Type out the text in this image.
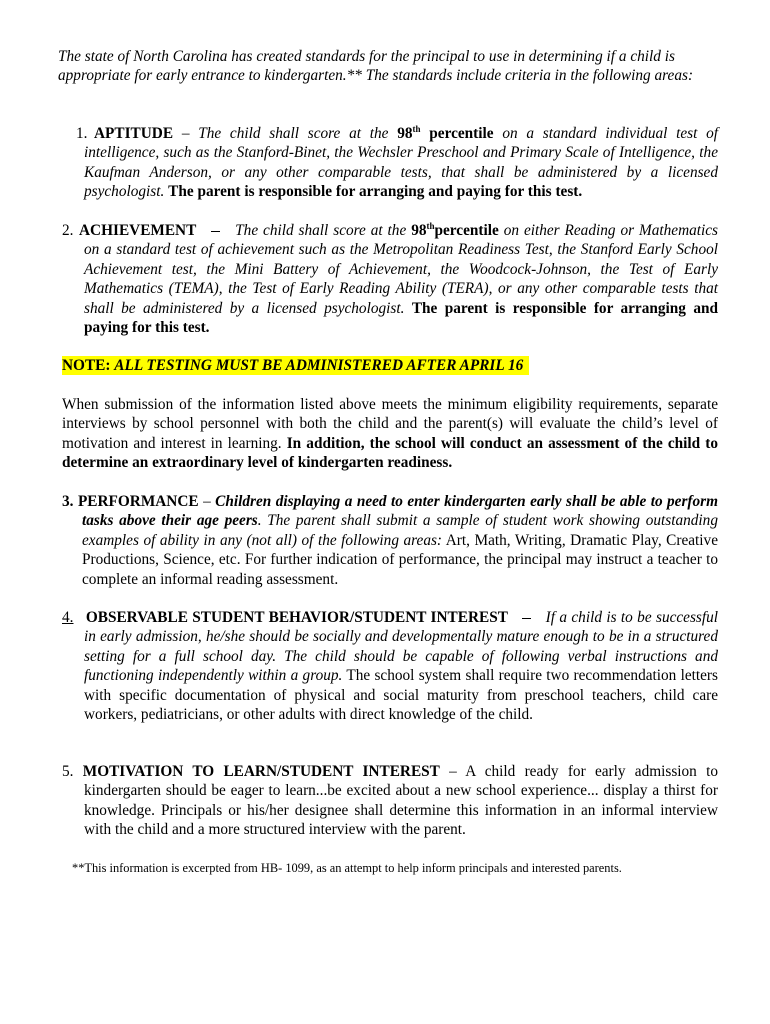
The state of North Carolina has created standards for the principal to use in determining if a child is appropriate for early entrance to kindergarten.** The standards include criteria in the following areas:
1. APTITUDE – The child shall score at the 98th percentile on a standard individual test of intelligence, such as the Stanford-Binet, the Wechsler Preschool and Primary Scale of Intelligence, the Kaufman Anderson, or any other comparable tests, that shall be administered by a licensed psychologist. The parent is responsible for arranging and paying for this test.
2. ACHIEVEMENT	The child shall score at the 98thpercentile on either Reading or Mathematics on a standard test of achievement such as the Metropolitan Readiness Test, the Stanford Early School Achievement test, the Mini Battery of Achievement, the Woodcock-Johnson, the Test of Early Mathematics (TEMA), the Test of Early Reading Ability (TERA), or any other comparable tests that shall be administered by a licensed psychologist. The parent is responsible for arranging and paying for this test.
NOTE: ALL TESTING MUST BE ADMINISTERED AFTER APRIL 16
When submission of the information listed above meets the minimum eligibility requirements, separate interviews by school personnel with both the child and the parent(s) will evaluate the child’s level of motivation and interest in learning. In addition, the school will conduct an assessment of the child to determine an extraordinary level of kindergarten readiness.
3. PERFORMANCE – Children displaying a need to enter kindergarten early shall be able to perform tasks above their age peers. The parent shall submit a sample of student work showing outstanding examples of ability in any (not all) of the following areas: Art, Math, Writing, Dramatic Play, Creative Productions, Science, etc. For further indication of performance, the principal may instruct a teacher to complete an informal reading assessment.
4. OBSERVABLE STUDENT BEHAVIOR/STUDENT INTEREST If a child is to be successful in early admission, he/she should be socially and developmentally mature enough to be in a structured setting for a full school day. The child should be capable of following verbal instructions and functioning independently within a group. The school system shall require two recommendation letters with specific documentation of physical and social maturity from preschool teachers, child care workers, pediatricians, or other adults with direct knowledge of the child.
5. MOTIVATION TO LEARN/STUDENT INTEREST – A child ready for early admission to kindergarten should be eager to learn...be excited about a new school experience... display a thirst for knowledge. Principals or his/her designee shall determine this information in an informal interview with the child and a more structured interview with the parent.
**This information is excerpted from HB- 1099, as an attempt to help inform principals and interested parents.
